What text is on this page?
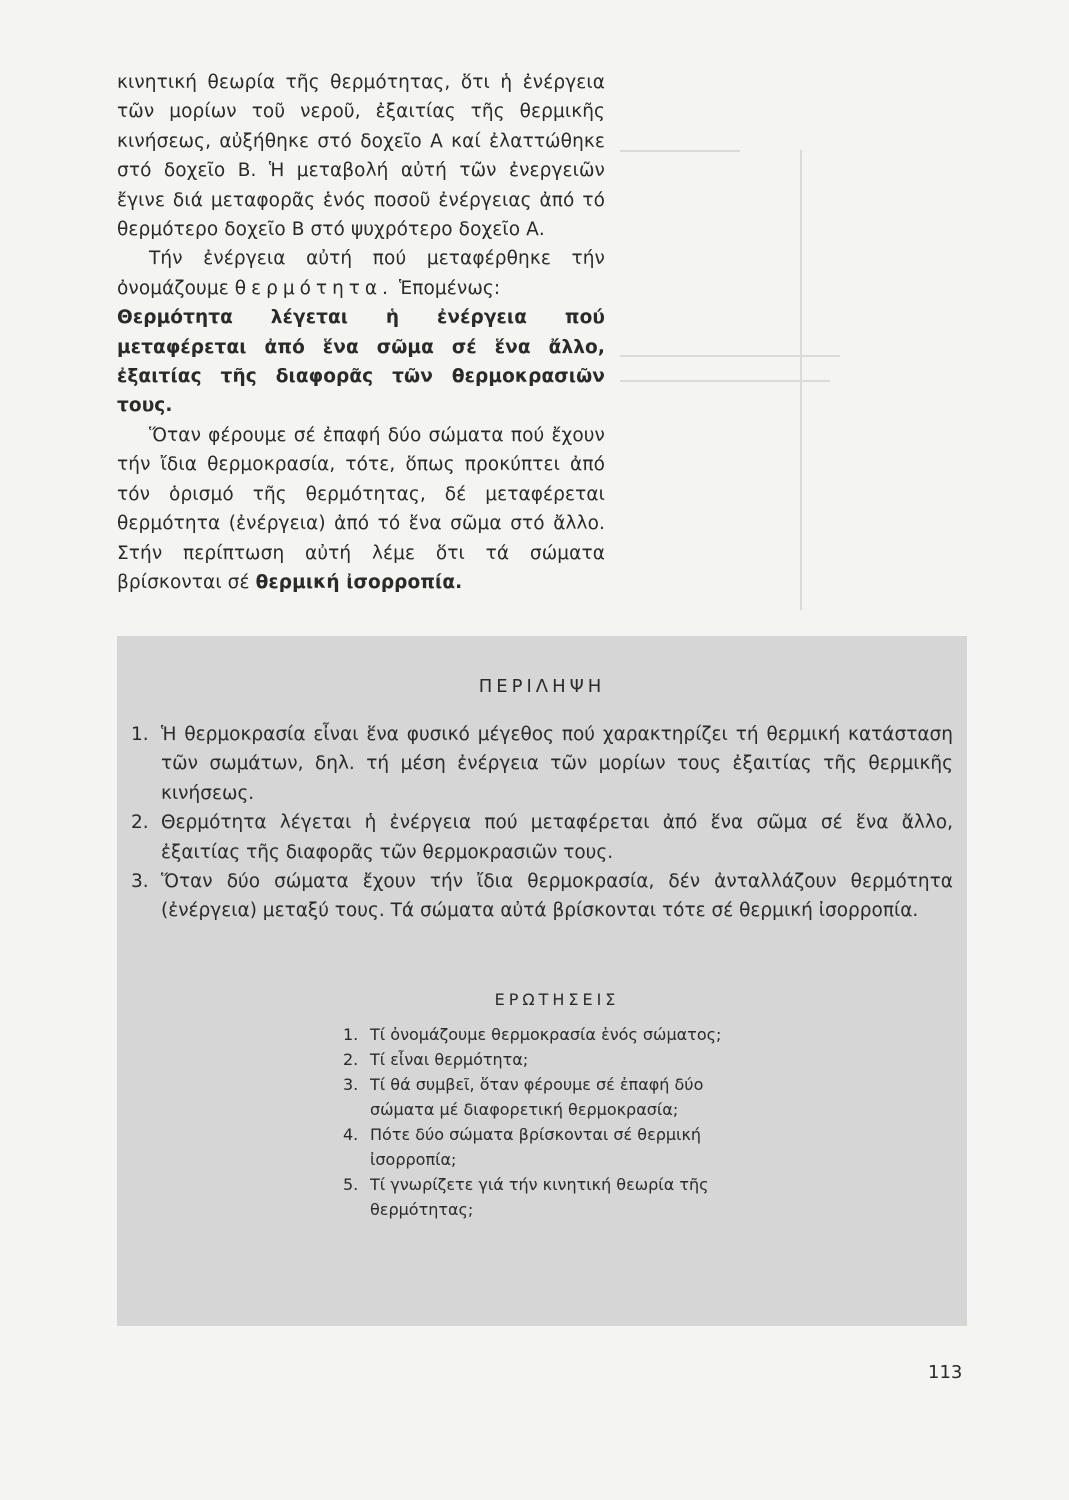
κινητική θεωρία τῆς θερμότητας, ὅτι ἡ ἐνέργεια τῶν μορίων τοῦ νεροῦ, ἐξαιτίας τῆς θερμικῆς κινήσεως, αὐξήθηκε στό δοχεῖο Α καί ἐλαττώθηκε στό δοχεῖο Β. Ἡ μεταβολή αὐτή τῶν ἐνεργειῶν ἔγινε διά μεταφορᾶς ἑνός ποσοῦ ἐνέργειας ἀπό τό θερμότερο δοχεῖο Β στό ψυχρότερο δοχεῖο Α.

Τήν ἐνέργεια αὐτή πού μεταφέρθηκε τήν ὀνομάζουμε θερμότητα. Ἑπομένως:

Θερμότητα λέγεται ἡ ἐνέργεια πού μεταφέρεται ἀπό ἕνα σῶμα σέ ἕνα ἄλλο, ἐξαιτίας τῆς διαφορᾶς τῶν θερμοκρασιῶν τους.

Ὅταν φέρουμε σέ ἐπαφή δύο σώματα πού ἔχουν τήν ἴδια θερμοκρασία, τότε, ὅπως προκύπτει ἀπό τόν ὁρισμό τῆς θερμότητας, δέ μεταφέρεται θερμότητα (ἐνέργεια) ἀπό τό ἕνα σῶμα στό ἄλλο. Στήν περίπτωση αὐτή λέμε ὅτι τά σώματα βρίσκονται σέ θερμική ἰσορροπία.

ΠΕΡΙΛΗΨΗ
1. Ἡ θερμοκρασία εἶναι ἕνα φυσικό μέγεθος πού χαρακτηρίζει τή θερμική κατάσταση τῶν σωμάτων, δηλ. τή μέση ἐνέργεια τῶν μορίων τους ἐξαιτίας τῆς θερμικῆς κινήσεως.
2. Θερμότητα λέγεται ἡ ἐνέργεια πού μεταφέρεται ἀπό ἕνα σῶμα σέ ἕνα ἄλλο, ἐξαιτίας τῆς διαφορᾶς τῶν θερμοκρασιῶν τους.
3. Ὅταν δύο σώματα ἔχουν τήν ἴδια θερμοκρασία, δέν ἀνταλλάζουν θερμότητα (ἐνέργεια) μεταξύ τους. Τά σώματα αὐτά βρίσκονται τότε σέ θερμική ἰσορροπία.
ΕΡΩΤΗΣΕΙΣ
1. Τί ὀνομάζουμε θερμοκρασία ἑνός σώματος;
2. Τί εἶναι θερμότητα;
3. Τί θά συμβεῖ, ὅταν φέρουμε σέ ἐπαφή δύο σώματα μέ διαφορετική θερμοκρασία;
4. Πότε δύο σώματα βρίσκονται σέ θερμική ἰσορροπία;
5. Τί γνωρίζετε γιά τήν κινητική θεωρία τῆς θερμότητας;
113
